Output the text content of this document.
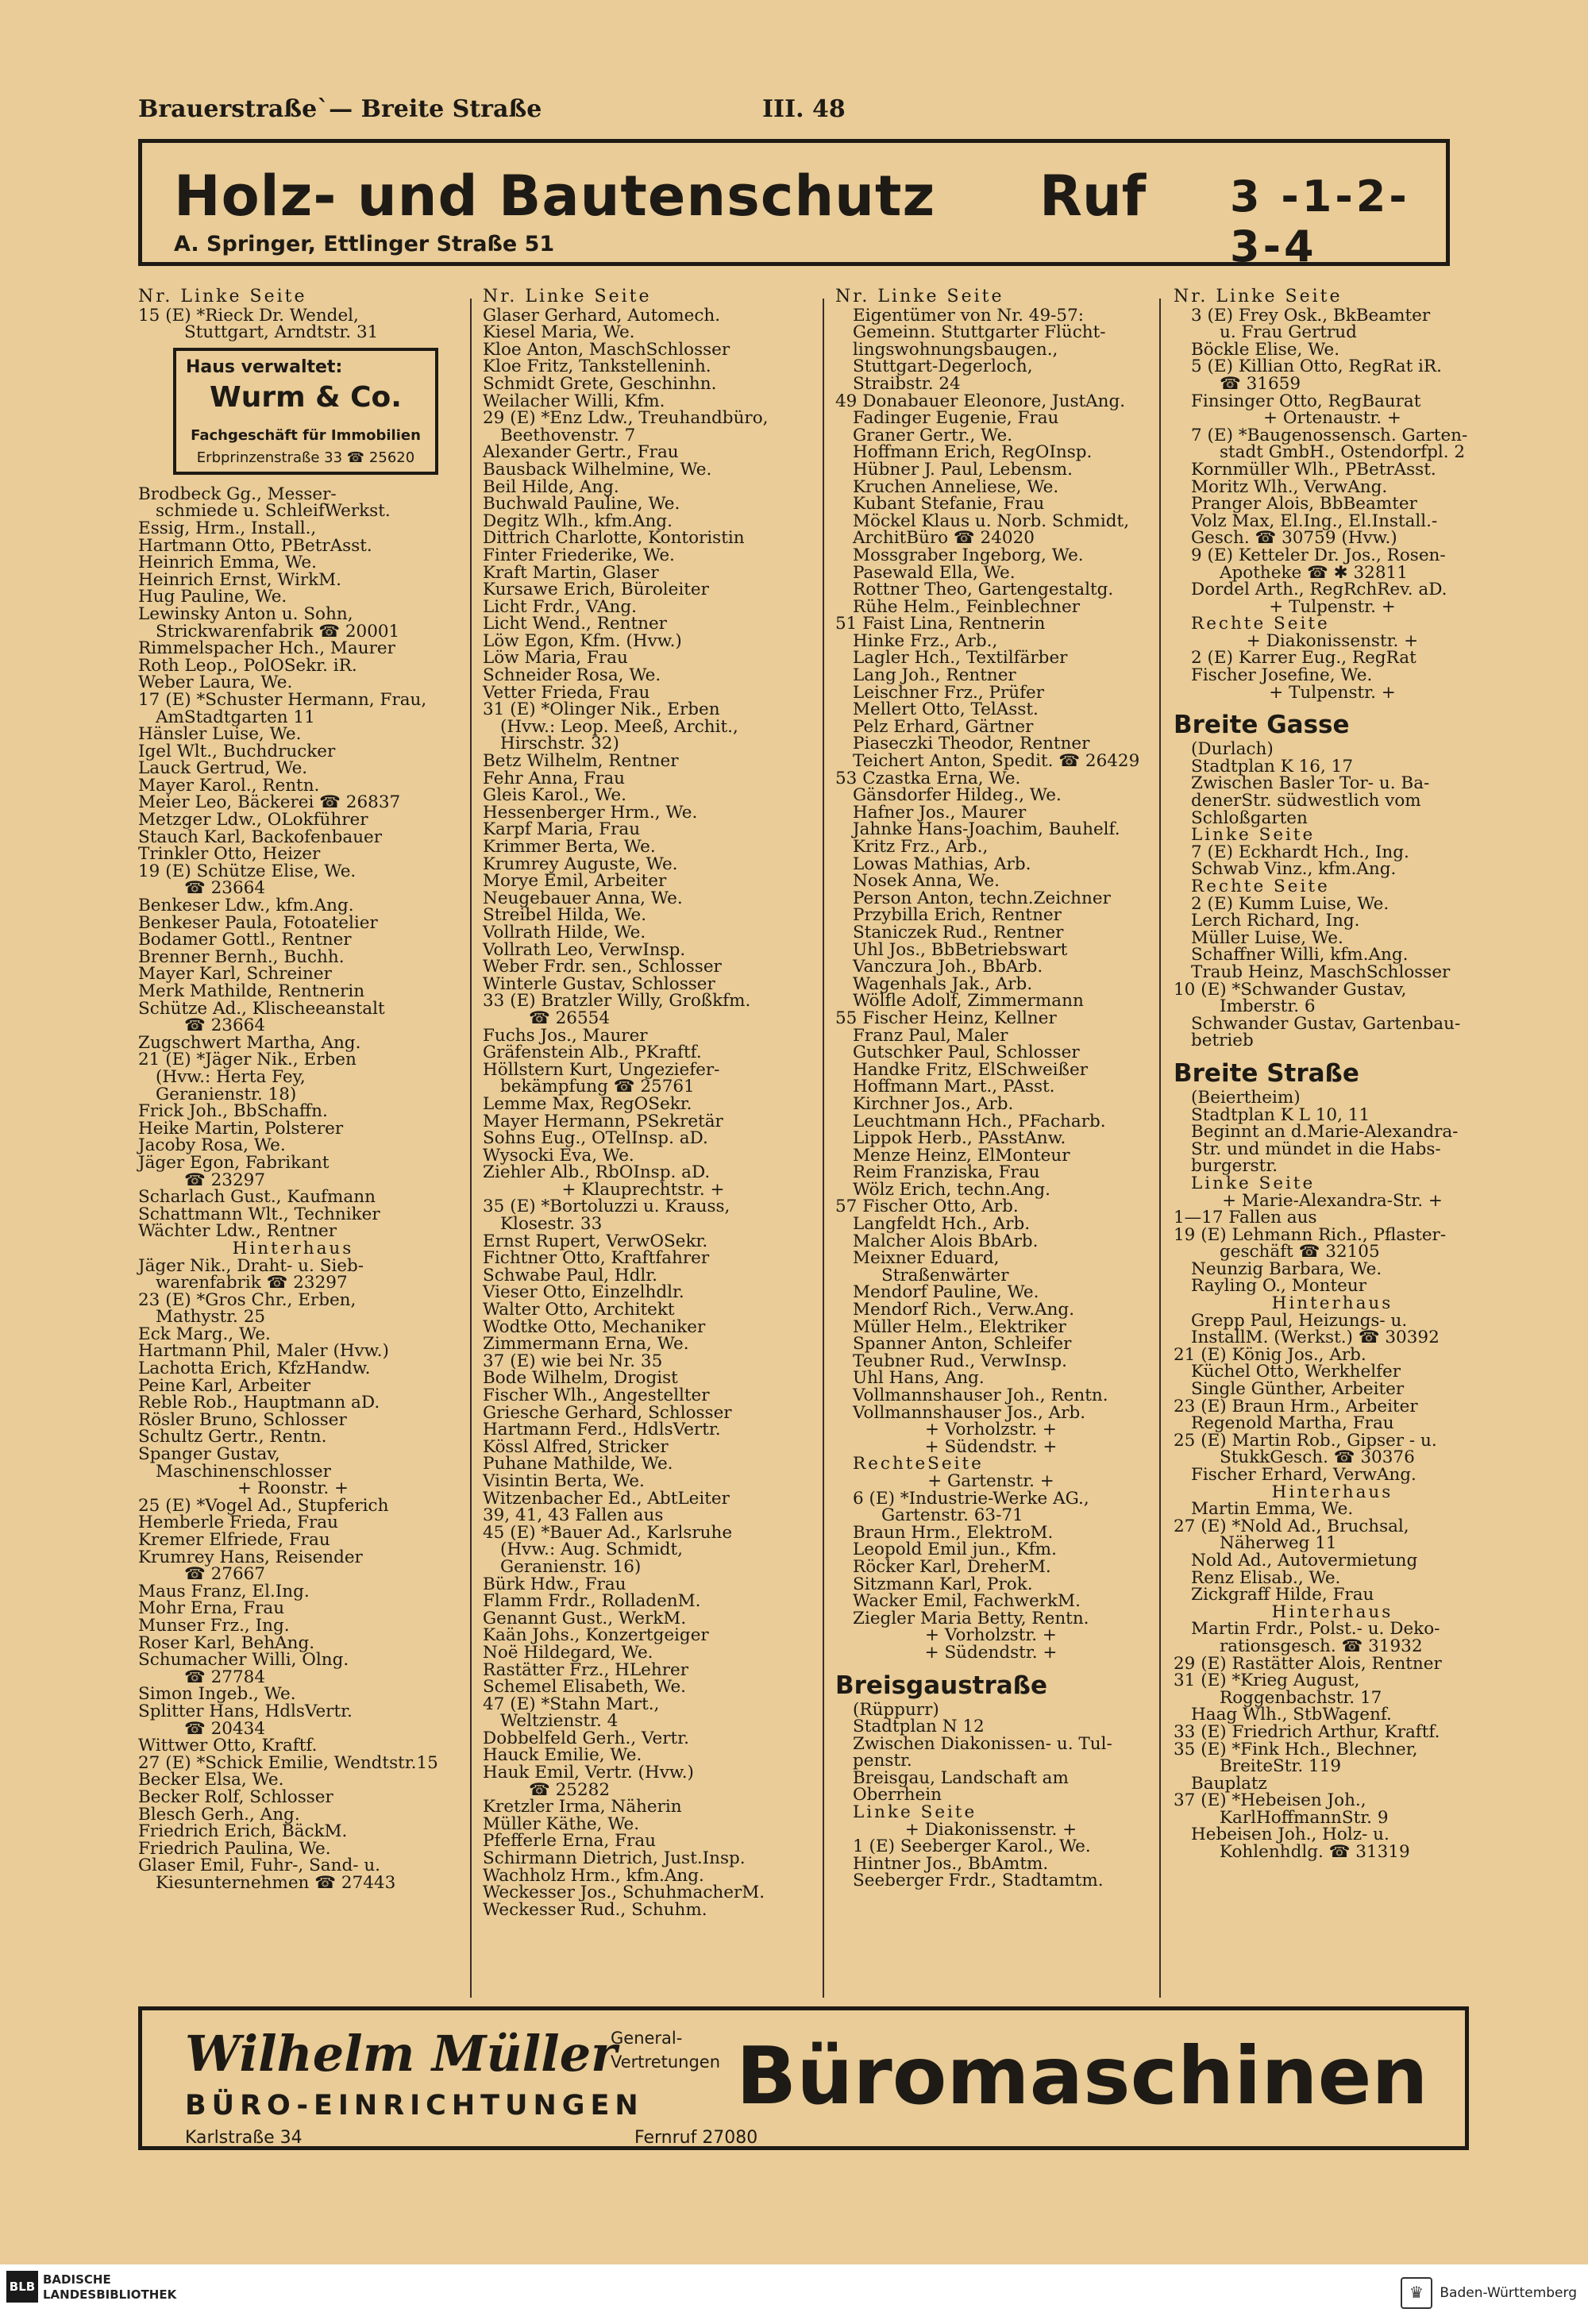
Brauerstraße`— Breite Straße	III. 48
Holz- und Bautenschutz Ruf 3 -1-2-3-4
A. Springer, Ettlinger Straße 51
Nr. Linke Seite
15 (E) *Rieck Dr. Wendel,
Stuttgart, Arndtstr. 31
Haus verwaltet:
Wurm & Co.
Fachgeschäft für Immobilien
Erbprinzenstraße 33 ☎ 25620
Brodbeck Gg., Messer-
schmiede u. SchleifWerkst.
Essig, Hrm., Install.,
Hartmann Otto, PBetrAsst.
Heinrich Emma, We.
Heinrich Ernst, WirkM.
Hug Pauline, We.
Lewinsky Anton u. Sohn,
Strickwarenfabrik ☎ 20001
Rimmelspacher Hch., Maurer
Roth Leop., PolOSekr. iR.
Weber Laura, We.
17 (E) *Schuster Hermann, Frau,
AmStadtgarten 11
Hänsler Luise, We.
Igel Wlt., Buchdrucker
Lauck Gertrud, We.
Mayer Karol., Rentn.
Meier Leo, Bäckerei ☎ 26837
Metzger Ldw., OLokführer
Stauch Karl, Backofenbauer
Trinkler Otto, Heizer
19 (E) Schütze Elise, We.
☎ 23664
Benkeser Ldw., kfm.Ang.
Benkeser Paula, Fotoatelier
Bodamer Gottl., Rentner
Brenner Bernh., Buchh.
Mayer Karl, Schreiner
Merk Mathilde, Rentnerin
Schütze Ad., Klischeeanstalt
☎ 23664
Zugschwert Martha, Ang.
21 (E) *Jäger Nik., Erben
(Hvw.: Herta Fey,
Geranienstr. 18)
Frick Joh., BbSchaffn.
Heike Martin, Polsterer
Jacoby Rosa, We.
Jäger Egon, Fabrikant
☎ 23297
Scharlach Gust., Kaufmann
Schattmann Wlt., Techniker
Wächter Ldw., Rentner
Hinterhaus
Jäger Nik., Draht- u. Sieb-
warenfabrik ☎ 23297
23 (E) *Gros Chr., Erben,
Mathystr. 25
Eck Marg., We.
Hartmann Phil, Maler (Hvw.)
Lachotta Erich, KfzHandw.
Peine Karl, Arbeiter
Reble Rob., Hauptmann aD.
Rösler Bruno, Schlosser
Schultz Gertr., Rentn.
Spanger Gustav,
Maschinenschlosser
+ Roonstr. +
25 (E) *Vogel Ad., Stupferich
Hemberle Frieda, Frau
Kremer Elfriede, Frau
Krumrey Hans, Reisender
☎ 27667
Maus Franz, El.Ing.
Mohr Erna, Frau
Munser Frz., Ing.
Roser Karl, BehAng.
Schumacher Willi, Olng.
☎ 27784
Simon Ingeb., We.
Splitter Hans, HdlsVertr.
☎ 20434
Wittwer Otto, Kraftf.
27 (E) *Schick Emilie, Wendtstr.15
Becker Elsa, We.
Becker Rolf, Schlosser
Blesch Gerh., Ang.
Friedrich Erich, BäckM.
Friedrich Paulina, We.
Glaser Emil, Fuhr-, Sand- u.
Kiesunternehmen ☎ 27443
Nr. Linke Seite
Glaser Gerhard, Automech.
Kiesel Maria, We.
Kloe Anton, MaschSchlosser
Kloe Fritz, Tankstelleninh.
Schmidt Grete, Geschinhn.
Weilacher Willi, Kfm.
29 (E) *Enz Ldw., Treuhandbüro,
Beethovenstr. 7
Alexander Gertr., Frau
Bausback Wilhelmine, We.
Beil Hilde, Ang.
Buchwald Pauline, We.
Degitz Wlh., kfm.Ang.
Dittrich Charlotte, Kontoristin
Finter Friederike, We.
Kraft Martin, Glaser
Kursawe Erich, Büroleiter
Licht Frdr., VAng.
Licht Wend., Rentner
Löw Egon, Kfm. (Hvw.)
Löw Maria, Frau
Schneider Rosa, We.
Vetter Frieda, Frau
31 (E) *Olinger Nik., Erben
(Hvw.: Leop. Meeß, Archit.,
Hirschstr. 32)
Betz Wilhelm, Rentner
Fehr Anna, Frau
Gleis Karol., We.
Hessenberger Hrm., We.
Karpf Maria, Frau
Krimmer Berta, We.
Krumrey Auguste, We.
Morye Emil, Arbeiter
Neugebauer Anna, We.
Streibel Hilda, We.
Vollrath Hilde, We.
Vollrath Leo, VerwInsp.
Weber Frdr. sen., Schlosser
Winterle Gustav, Schlosser
33 (E) Bratzler Willy, Großkfm.
☎ 26554
Fuchs Jos., Maurer
Gräfenstein Alb., PKraftf.
Höllstern Kurt, Ungeziefer-
bekämpfung ☎ 25761
Lemme Max, RegOSekr.
Mayer Hermann, PSekretär
Sohns Eug., OTelInsp. aD.
Wysocki Eva, We.
Ziehler Alb., RbOInsp. aD.
+ Klauprechtstr. +
35 (E) *Bortoluzzi u. Krauss,
Klosestr. 33
Ernst Rupert, VerwOSekr.
Fichtner Otto, Kraftfahrer
Schwabe Paul, Hdlr.
Vieser Otto, Einzelhdlr.
Walter Otto, Architekt
Wodtke Otto, Mechaniker
Zimmermann Erna, We.
37 (E) wie bei Nr. 35
Bode Wilhelm, Drogist
Fischer Wlh., Angestellter
Griesche Gerhard, Schlosser
Hartmann Ferd., HdlsVertr.
Kössl Alfred, Stricker
Puhane Mathilde, We.
Visintin Berta, We.
Witzenbacher Ed., AbtLeiter
39, 41, 43 Fallen aus
45 (E) *Bauer Ad., Karlsruhe
(Hvw.: Aug. Schmidt,
Geranienstr. 16)
Bürk Hdw., Frau
Flamm Frdr., RolladenM.
Genannt Gust., WerkM.
Kaän Johs., Konzertgeiger
Noë Hildegard, We.
Rastätter Frz., HLehrer
Schemel Elisabeth, We.
47 (E) *Stahn Mart.,
Weltzienstr. 4
Dobbelfeld Gerh., Vertr.
Hauck Emilie, We.
Hauk Emil, Vertr. (Hvw.)
☎ 25282
Kretzler Irma, Näherin
Müller Käthe, We.
Pfefferle Erna, Frau
Schirmann Dietrich, Just.Insp.
Wachholz Hrm., kfm.Ang.
Weckesser Jos., SchuhmacherM.
Weckesser Rud., Schuhm.
Nr. Linke Seite
Eigentümer von Nr. 49-57:
Gemeinn. Stuttgarter Flücht-
lingswohnungsbaugen.,
Stuttgart-Degerloch,
Straibstr. 24
49 Donabauer Eleonore, JustAng.
Fadinger Eugenie, Frau
Graner Gertr., We.
Hoffmann Erich, RegOInsp.
Hübner J. Paul, Lebensm.
Kruchen Anneliese, We.
Kubant Stefanie, Frau
Möckel Klaus u. Norb. Schmidt,
ArchitBüro ☎ 24020
Mossgraber Ingeborg, We.
Pasewald Ella, We.
Rottner Theo, Gartengestaltg.
Rühe Helm., Feinblechner
51 Faist Lina, Rentnerin
Hinke Frz., Arb.,
Lagler Hch., Textilfärber
Lang Joh., Rentner
Leischner Frz., Prüfer
Mellert Otto, TelAsst.
Pelz Erhard, Gärtner
Piaseczki Theodor, Rentner
Teichert Anton, Spedit. ☎ 26429
53 Czastka Erna, We.
Gänsdorfer Hildeg., We.
Hafner Jos., Maurer
Jahnke Hans-Joachim, Bauhelf.
Kritz Frz., Arb.,
Lowas Mathias, Arb.
Nosek Anna, We.
Person Anton, techn.Zeichner
Przybilla Erich, Rentner
Staniczek Rud., Rentner
Uhl Jos., BbBetriebswart
Vanczura Joh., BbArb.
Wagenhals Jak., Arb.
Wölfle Adolf, Zimmermann
55 Fischer Heinz, Kellner
Franz Paul, Maler
Gutschker Paul, Schlosser
Handke Fritz, ElSchweißer
Hoffmann Mart., PAsst.
Kirchner Jos., Arb.
Leuchtmann Hch., PFacharb.
Lippok Herb., PAsstAnw.
Menze Heinz, ElMonteur
Reim Franziska, Frau
Wölz Erich, techn.Ang.
57 Fischer Otto, Arb.
Langfeldt Hch., Arb.
Malcher Alois BbArb.
Meixner Eduard,
Straßenwärter
Mendorf Pauline, We.
Mendorf Rich., Verw.Ang.
Müller Helm., Elektriker
Spanner Anton, Schleifer
Teubner Rud., VerwInsp.
Uhl Hans, Ang.
Vollmannshauser Joh., Rentn.
Vollmannshauser Jos., Arb.
+ Vorholzstr. +
+ Südendstr. +
RechteSeite
+ Gartenstr. +
6 (E) *Industrie-Werke AG.,
Gartenstr. 63-71
Braun Hrm., ElektroM.
Leopold Emil jun., Kfm.
Röcker Karl, DreherM.
Sitzmann Karl, Prok.
Wacker Emil, FachwerkM.
Ziegler Maria Betty, Rentn.
+ Vorholzstr. +
+ Südendstr. +
Breisgaustraße
(Rüppurr)
Stadtplan N 12
Zwischen Diakonissen- u. Tul-
penstr.
Breisgau, Landschaft am
Oberrhein
Linke Seite
+ Diakonissenstr. +
1 (E) Seeberger Karol., We.
Hintner Jos., BbAmtm.
Seeberger Frdr., Stadtamtm.
Nr. Linke Seite
3 (E) Frey Osk., BkBeamter
u. Frau Gertrud
Böckle Elise, We.
5 (E) Killian Otto, RegRat iR.
☎ 31659
Finsinger Otto, RegBaurat
+ Ortenaustr. +
7 (E) *Baugenossensch. Garten-
stadt GmbH., Ostendorfpl. 2
Kornmüller Wlh., PBetrAsst.
Moritz Wlh., VerwAng.
Pranger Alois, BbBeamter
Volz Max, El.Ing., El.Install.-
Gesch. ☎ 30759 (Hvw.)
9 (E) Ketteler Dr. Jos., Rosen-
Apotheke ☎ ✱ 32811
Dordel Arth., RegRchRev. aD.
+ Tulpenstr. +
Rechte Seite
+ Diakonissenstr. +
2 (E) Karrer Eug., RegRat
Fischer Josefine, We.
+ Tulpenstr. +
Breite Gasse
(Durlach)
Stadtplan K 16, 17
Zwischen Basler Tor- u. Ba-
denerStr. südwestlich vom
Schloßgarten
Linke Seite
7 (E) Eckhardt Hch., Ing.
Schwab Vinz., kfm.Ang.
Rechte Seite
2 (E) Kumm Luise, We.
Lerch Richard, Ing.
Müller Luise, We.
Schaffner Willi, kfm.Ang.
Traub Heinz, MaschSchlosser
10 (E) *Schwander Gustav,
Imberstr. 6
Schwander Gustav, Gartenbau-
betrieb
Breite Straße
(Beiertheim)
Stadtplan K L 10, 11
Beginnt an d.Marie-Alexandra-
Str. und mündet in die Habs-
burgerstr.
Linke Seite
+ Marie-Alexandra-Str. +
1—17 Fallen aus
19 (E) Lehmann Rich., Pflaster-
geschäft ☎ 32105
Neunzig Barbara, We.
Rayling O., Monteur
Hinterhaus
Grepp Paul, Heizungs- u.
InstallM. (Werkst.) ☎ 30392
21 (E) König Jos., Arb.
Küchel Otto, Werkhelfer
Single Günther, Arbeiter
23 (E) Braun Hrm., Arbeiter
Regenold Martha, Frau
25 (E) Martin Rob., Gipser - u.
StukkGesch. ☎ 30376
Fischer Erhard, VerwAng.
Hinterhaus
Martin Emma, We.
27 (E) *Nold Ad., Bruchsal,
Näherweg 11
Nold Ad., Autovermietung
Renz Elisab., We.
Zickgraff Hilde, Frau
Hinterhaus
Martin Frdr., Polst.- u. Deko-
rationsgesch. ☎ 31932
29 (E) Rastätter Alois, Rentner
31 (E) *Krieg August,
Roggenbachstr. 17
Haag Wlh., StbWagenf.
33 (E) Friedrich Arthur, Kraftf.
35 (E) *Fink Hch., Blechner,
BreiteStr. 119
Bauplatz
37 (E) *Hebeisen Joh.,
KarlHoffmannStr. 9
Hebeisen Joh., Holz- u.
Kohlenhdlg. ☎ 31319
Wilhelm Müller
General-
Vertretungen
BÜRO-EINRICHTUNGEN
Karlstraße 34	Fernruf 27080
Büromaschinen
BLB BADISCHE
LANDESBIBLIOTHEK	♛	Baden-Württemberg
